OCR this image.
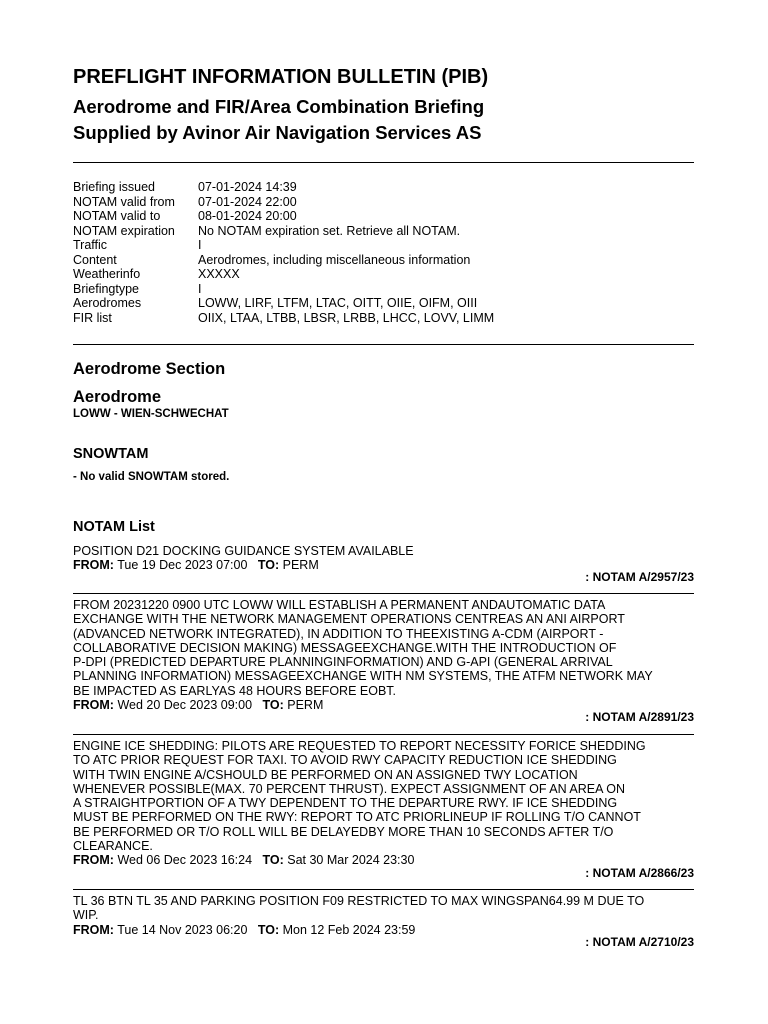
PREFLIGHT INFORMATION BULLETIN (PIB)
Aerodrome and FIR/Area Combination Briefing
Supplied by Avinor Air Navigation Services AS
Briefing issued	07-01-2024 14:39
NOTAM valid from	07-01-2024 22:00
NOTAM valid to	08-01-2024 20:00
NOTAM expiration	No NOTAM expiration set. Retrieve all NOTAM.
Traffic	I
Content	Aerodromes, including miscellaneous information
Weatherinfo	XXXXX
Briefingtype	I
Aerodromes	LOWW, LIRF, LTFM, LTAC, OITT, OIIE, OIFM, OIII
FIR list	OIIX, LTAA, LTBB, LBSR, LRBB, LHCC, LOVV, LIMM
Aerodrome Section
Aerodrome
LOWW - WIEN-SCHWECHAT
SNOWTAM
- No valid SNOWTAM stored.
NOTAM List
POSITION D21 DOCKING GUIDANCE SYSTEM AVAILABLE
FROM: Tue 19 Dec 2023 07:00 TO: PERM
: NOTAM A/2957/23
FROM 20231220 0900 UTC LOWW WILL ESTABLISH A PERMANENT ANDAUTOMATIC DATA
EXCHANGE WITH THE NETWORK MANAGEMENT OPERATIONS CENTREAS AN ANI AIRPORT
(ADVANCED NETWORK INTEGRATED), IN ADDITION TO THEEXISTING A-CDM (AIRPORT -
COLLABORATIVE DECISION MAKING) MESSAGEEXCHANGE.WITH THE INTRODUCTION OF
P-DPI (PREDICTED DEPARTURE PLANNINGINFORMATION) AND G-API (GENERAL ARRIVAL
PLANNING INFORMATION) MESSAGEEXCHANGE WITH NM SYSTEMS, THE ATFM NETWORK MAY
BE IMPACTED AS EARLYAS 48 HOURS BEFORE EOBT.
FROM: Wed 20 Dec 2023 09:00 TO: PERM
: NOTAM A/2891/23
ENGINE ICE SHEDDING: PILOTS ARE REQUESTED TO REPORT NECESSITY FORICE SHEDDING
TO ATC PRIOR REQUEST FOR TAXI. TO AVOID RWY CAPACITY REDUCTION ICE SHEDDING
WITH TWIN ENGINE A/CSHOULD BE PERFORMED ON AN ASSIGNED TWY LOCATION
WHENEVER POSSIBLE(MAX. 70 PERCENT THRUST). EXPECT ASSIGNMENT OF AN AREA ON
A STRAIGHTPORTION OF A TWY DEPENDENT TO THE DEPARTURE RWY. IF ICE SHEDDING
MUST BE PERFORMED ON THE RWY: REPORT TO ATC PRIORLINEUP IF ROLLING T/O CANNOT
BE PERFORMED OR T/O ROLL WILL BE DELAYEDBY MORE THAN 10 SECONDS AFTER T/O
CLEARANCE.
FROM: Wed 06 Dec 2023 16:24 TO: Sat 30 Mar 2024 23:30
: NOTAM A/2866/23
TL 36 BTN TL 35 AND PARKING POSITION F09 RESTRICTED TO MAX WINGSPAN64.99 M DUE TO
WIP.
FROM: Tue 14 Nov 2023 06:20 TO: Mon 12 Feb 2024 23:59
: NOTAM A/2710/23
